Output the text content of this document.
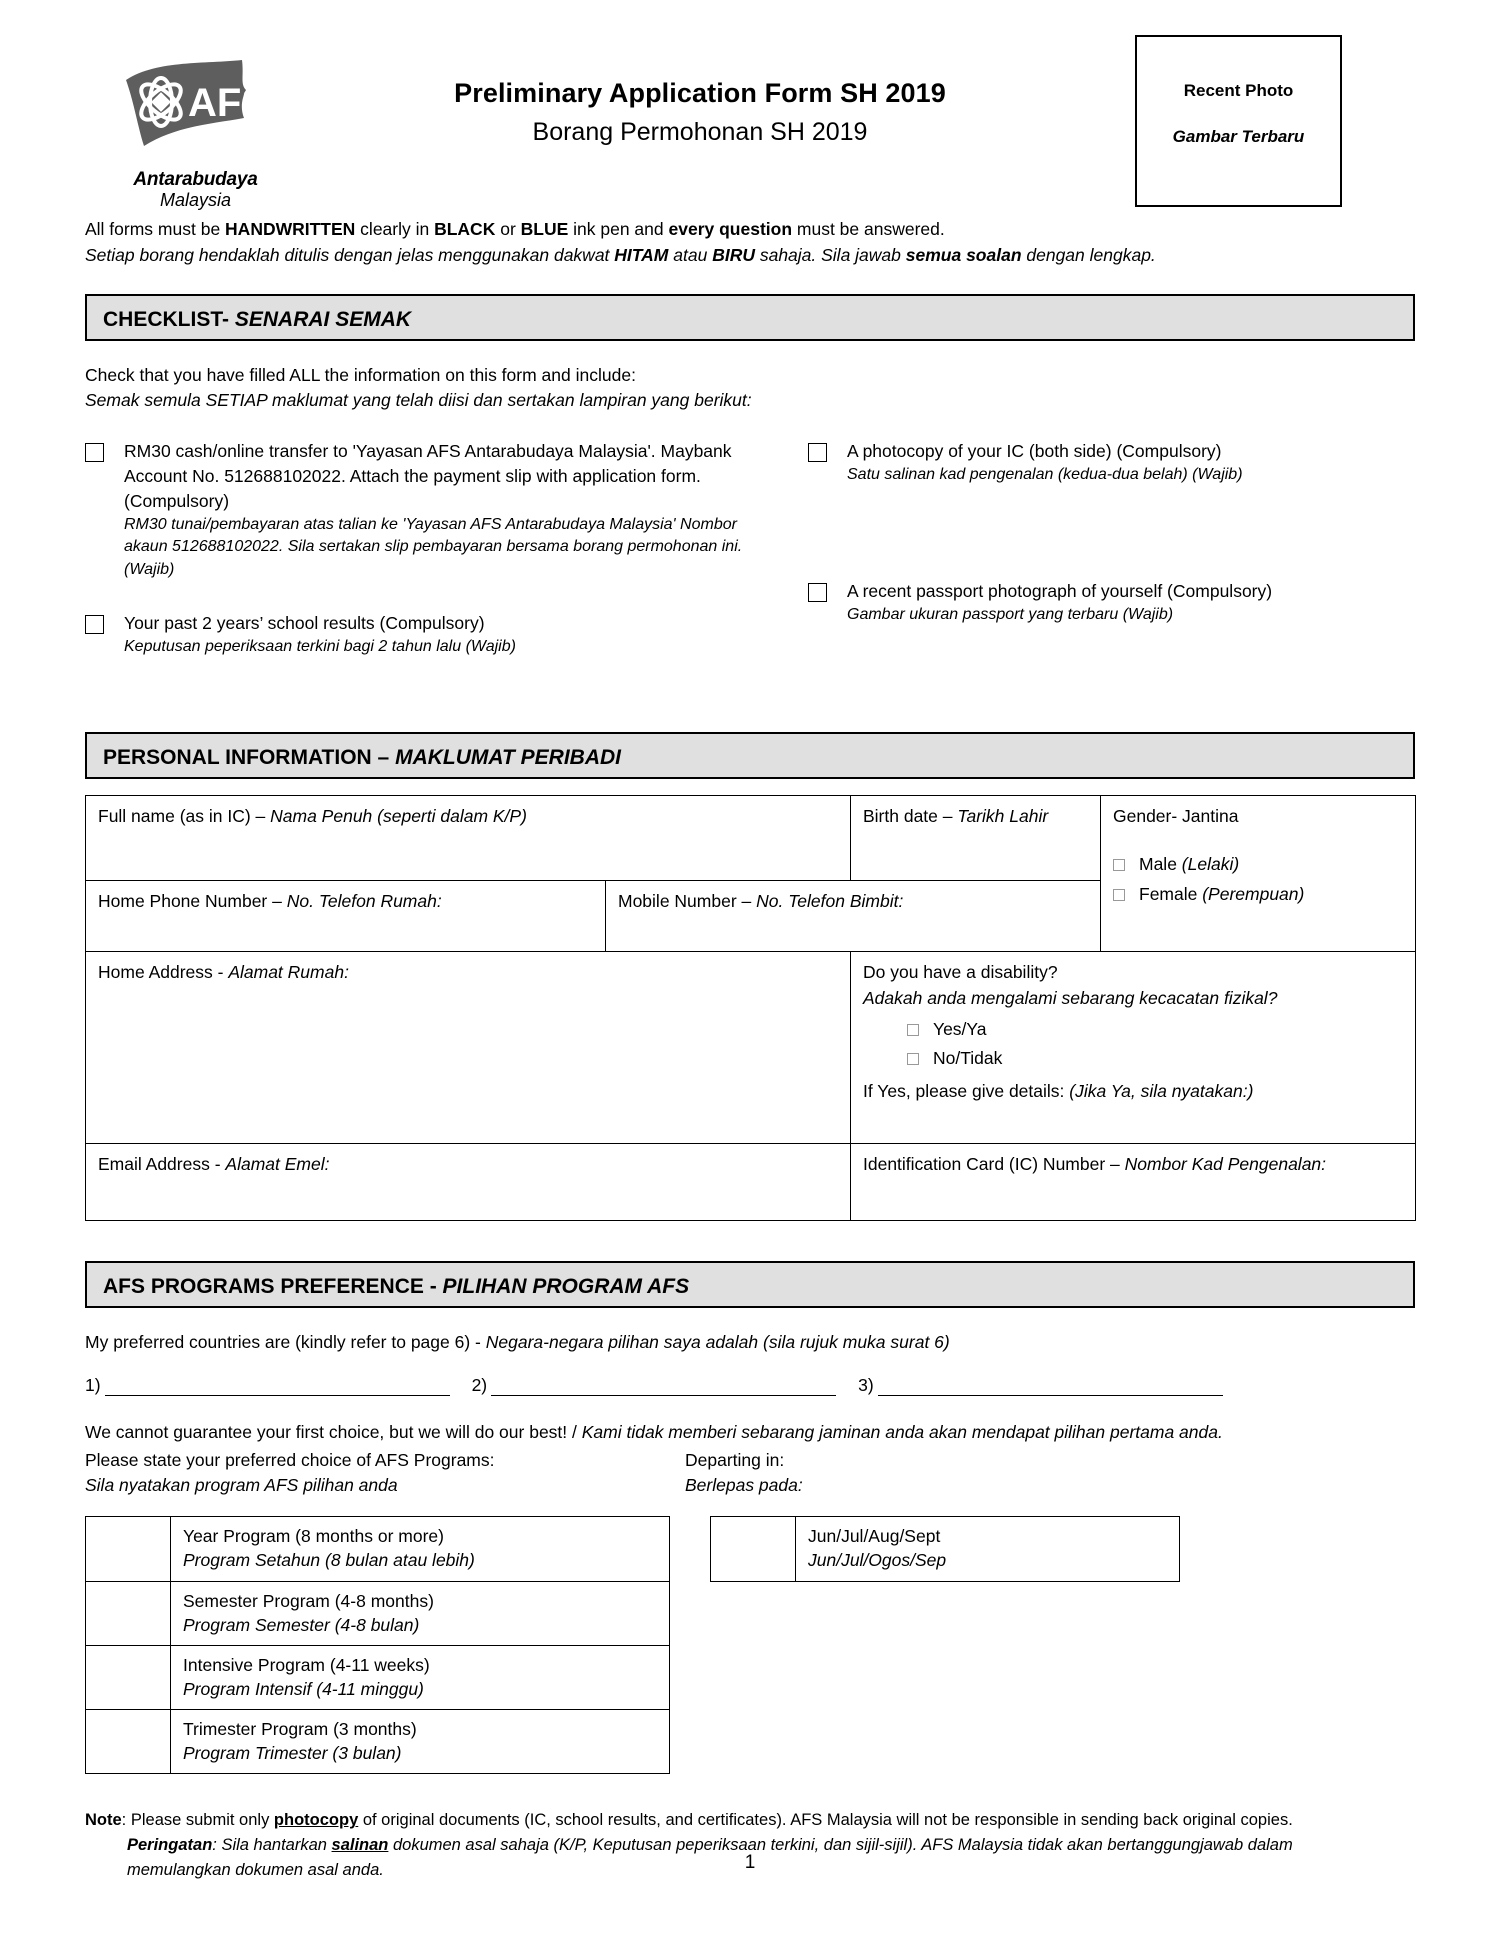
AFS
Antarabudaya
Malaysia
Preliminary Application Form SH 2019
Borang Permohonan SH 2019
Recent Photo
Gambar Terbaru
All forms must be HANDWRITTEN clearly in BLACK or BLUE ink pen and every question must be answered.
Setiap borang hendaklah ditulis dengan jelas menggunakan dakwat HITAM atau BIRU sahaja. Sila jawab semua soalan dengan lengkap.
CHECKLIST- SENARAI SEMAK
Check that you have filled ALL the information on this form and include:
Semak semula SETIAP maklumat yang telah diisi dan sertakan lampiran yang berikut:
RM30 cash/online transfer to 'Yayasan AFS Antarabudaya Malaysia'. Maybank Account No. 512688102022. Attach the payment slip with application form. (Compulsory)
RM30 tunai/pembayaran atas talian ke 'Yayasan AFS Antarabudaya Malaysia' Nombor akaun 512688102022. Sila sertakan slip pembayaran bersama borang permohonan ini. (Wajib)
Your past 2 years’ school results (Compulsory)
Keputusan peperiksaan terkini bagi 2 tahun lalu (Wajib)
A photocopy of your IC (both side) (Compulsory)
Satu salinan kad pengenalan (kedua-dua belah) (Wajib)
A recent passport photograph of yourself (Compulsory)
Gambar ukuran passport yang terbaru (Wajib)
PERSONAL INFORMATION – MAKLUMAT PERIBADI
Full name (as in IC) – Nama Penuh (seperti dalam K/P)		Birth date – Tarikh Lahir	Gender- Jantina
Male (Lelaki)
Female (Perempuan)

Home Phone Number – No. Telefon Rumah:	Mobile Number – No. Telefon Bimbit:		

Home Address - Alamat Rumah:		Do you have a disability?
Adakah anda mengalami sebarang kecacatan fizikal?
Yes/Ya
No/Tidak
If Yes, please give details: (Jika Ya, sila nyatakan:)	

Email Address - Alamat Emel:		Identification Card (IC) Number – Nombor Kad Pengenalan:	
AFS PROGRAMS PREFERENCE - PILIHAN PROGRAM AFS
My preferred countries are (kindly refer to page 6) - Negara-negara pilihan saya adalah (sila rujuk muka surat 6)
1)	2)	3)
We cannot guarantee your first choice, but we will do our best! / Kami tidak memberi sebarang jaminan anda akan mendapat pilihan pertama anda.
Please state your preferred choice of AFS Programs:
Sila nyatakan program AFS pilihan anda
Departing in:
Berlepas pada:

	Year Program (8 months or more)
Program Setahun (8 bulan atau lebih)

	Semester Program (4-8 months)
Program Semester (4-8 bulan)

	Intensive Program (4-11 weeks)
Program Intensif (4-11 minggu)

	Trimester Program (3 months)
Program Trimester (3 bulan)

Jun/Jul/Aug/Sept
Jun/Jul/Ogos/Sep
Note: Please submit only photocopy of original documents (IC, school results, and certificates). AFS Malaysia will not be responsible in sending back original copies.
Peringatan: Sila hantarkan salinan dokumen asal sahaja (K/P, Keputusan peperiksaan terkini, dan sijil-sijil). AFS Malaysia tidak akan bertanggungjawab dalam
memulangkan dokumen asal anda.	1
